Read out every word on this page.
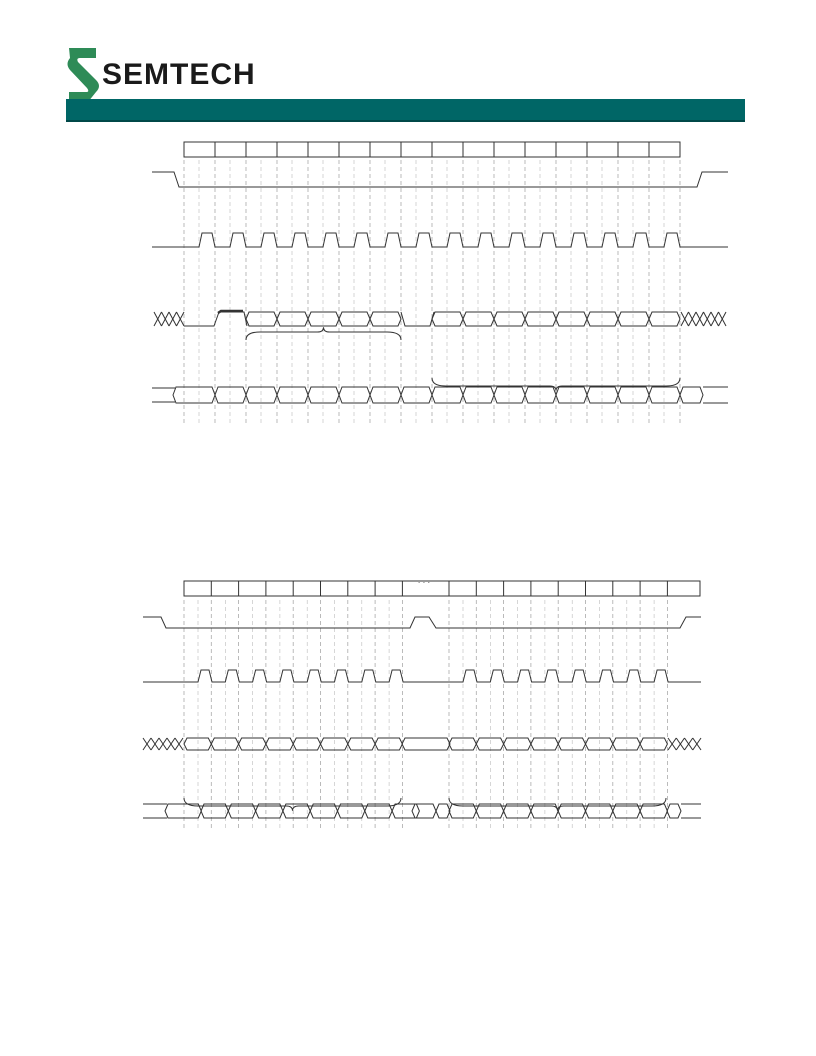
SEMTECH
· · ·
